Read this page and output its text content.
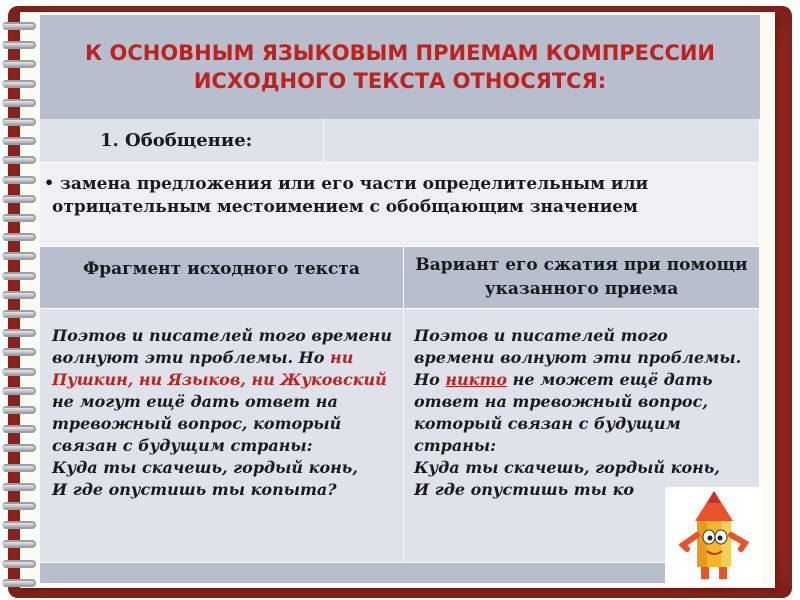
К ОСНОВНЫМ ЯЗЫКОВЫМ ПРИЕМАМ КОМПРЕССИИ ИСХОДНОГО ТЕКСТА ОТНОСЯТСЯ:
1. Обобщение:
• замена предложения или его части определительным или отрицательным местоимением с обобщающим значением
Фрагмент исходного текста	Вариант его сжатия при помощи указанного приема
Поэтов и писателей того времени волнуют эти проблемы. Но ни Пушкин, ни Языков, ни Жуковский не могут ещё дать ответ на тревожный вопрос, который связан с будущим страны:
Куда ты скачешь, гордый конь,
И где опустишь ты копыта?
Поэтов и писателей того времени волнуют эти проблемы. Но никто не может ещё дать ответ на тревожный вопрос, который связан с будущим страны:
Куда ты скачешь, гордый конь,
И где опустишь ты ко
